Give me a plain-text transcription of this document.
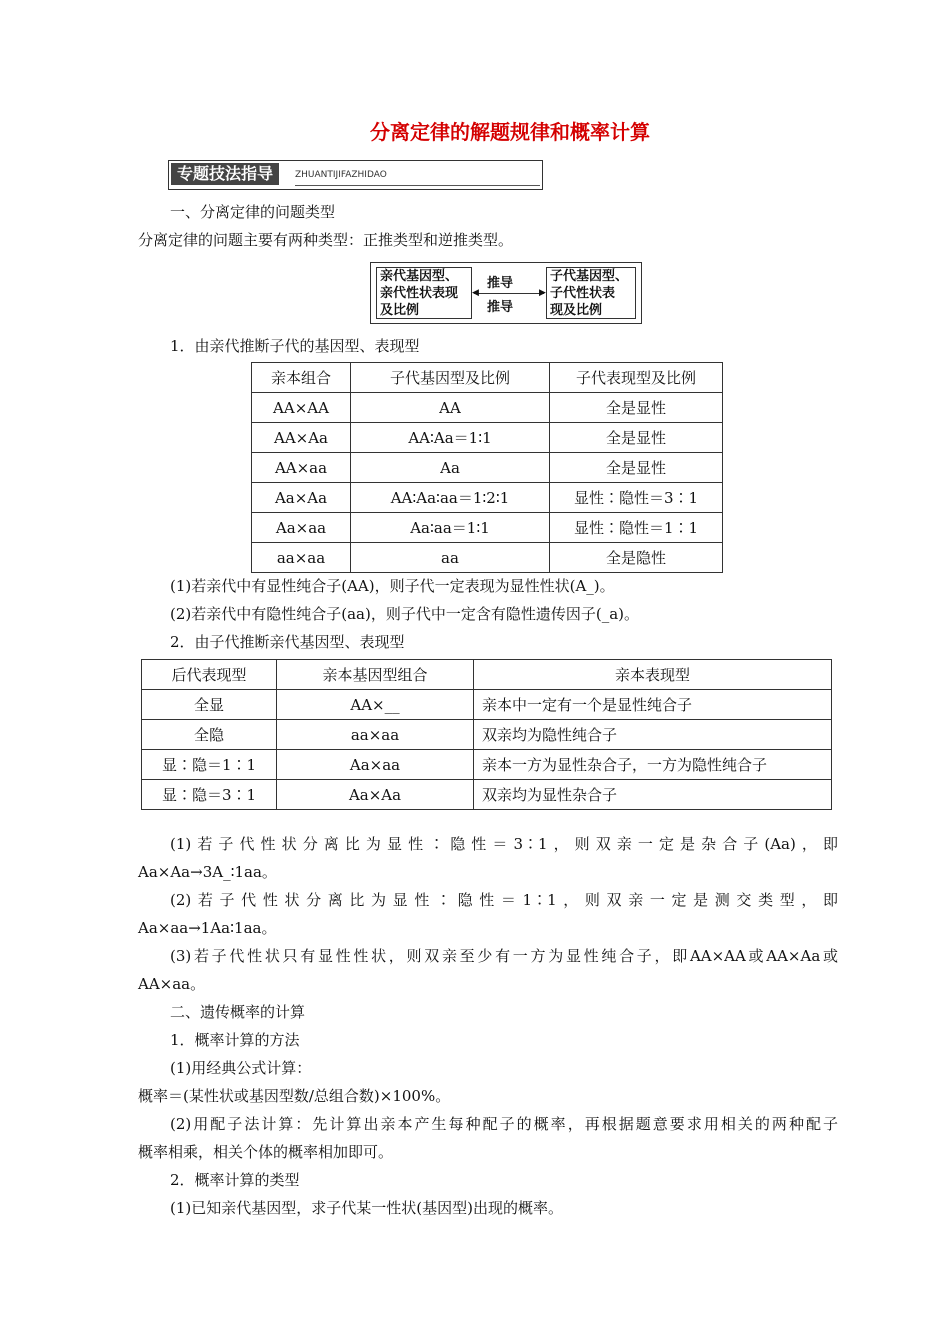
分离定律的解题规律和概率计算
专题技法指导	ZHUANTIJIFAZHIDAO
一、分离定律的问题类型
分离定律的问题主要有两种类型：正推类型和逆推类型。
亲代基因型、
亲代性状表现
及比例
推导
▶
◀
推导
子代基因型、
子代性状表
现及比例
1．由亲代推断子代的基因型、表现型
亲本组合	子代基因型及比例	子代表现型及比例
AA×AA	AA	全是显性
AA×Aa	AA∶Aa＝1∶1	全是显性
AA×aa	Aa	全是显性
Aa×Aa	AA∶Aa∶aa＝1∶2∶1	显性∶隐性＝3∶1
Aa×aa	Aa∶aa＝1∶1	显性∶隐性＝1∶1
aa×aa	aa	全是隐性
(1)若亲代中有显性纯合子(AA)，则子代一定表现为显性性状(A_)。
(2)若亲代中有隐性纯合子(aa)，则子代中一定含有隐性遗传因子(_a)。
2．由子代推断亲代基因型、表现型
后代表现型	亲本基因型组合	亲本表现型
全显	AA×__	亲本中一定有一个是显性纯合子
全隐	aa×aa	双亲均为隐性纯合子
显∶隐＝1∶1	Aa×aa	亲本一方为显性杂合子，一方为隐性纯合子
显∶隐＝3∶1	Aa×Aa	双亲均为显性杂合子
(1)若子代性状分离比为显性∶隐性＝3∶1，则双亲一定是杂合子(Aa)，即
Aa×Aa→3A_∶1aa。
(2)若子代性状分离比为显性∶隐性＝1∶1，则双亲一定是测交类型，即
Aa×aa→1Aa∶1aa。
(3)若子代性状只有显性性状，则双亲至少有一方为显性纯合子，即AA×AA或AA×Aa或
AA×aa。
二、遗传概率的计算
1．概率计算的方法
(1)用经典公式计算：
概率＝(某性状或基因型数/总组合数)×100%。
(2)用配子法计算：先计算出亲本产生每种配子的概率，再根据题意要求用相关的两种配子
概率相乘，相关个体的概率相加即可。
2．概率计算的类型
(1)已知亲代基因型，求子代某一性状(基因型)出现的概率。
